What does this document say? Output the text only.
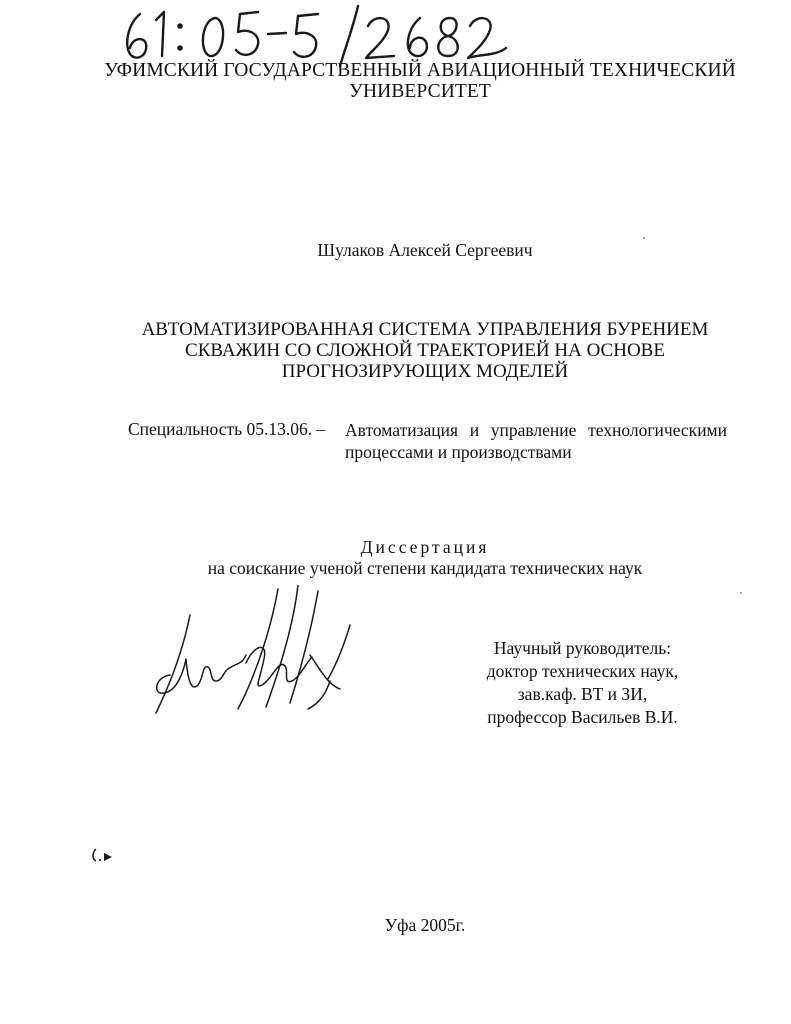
УФИМСКИЙ ГОСУДАРСТВЕННЫЙ АВИАЦИОННЫЙ ТЕХНИЧЕСКИЙ УНИВЕРСИТЕТ
Шулаков Алексей Сергеевич
АВТОМАТИЗИРОВАННАЯ СИСТЕМА УПРАВЛЕНИЯ БУРЕНИЕМ СКВАЖИН СО СЛОЖНОЙ ТРАЕКТОРИЕЙ НА ОСНОВЕ ПРОГНОЗИРУЮЩИХ МОДЕЛЕЙ
Специальность 05.13.06. – Автоматизация и управление технологическими процессами и производствами
Диссертация
на соискание ученой степени кандидата технических наук
Научный руководитель:
доктор технических наук,
зав.каф. ВТ и ЗИ,
профессор Васильев В.И.
Уфа 2005г.
